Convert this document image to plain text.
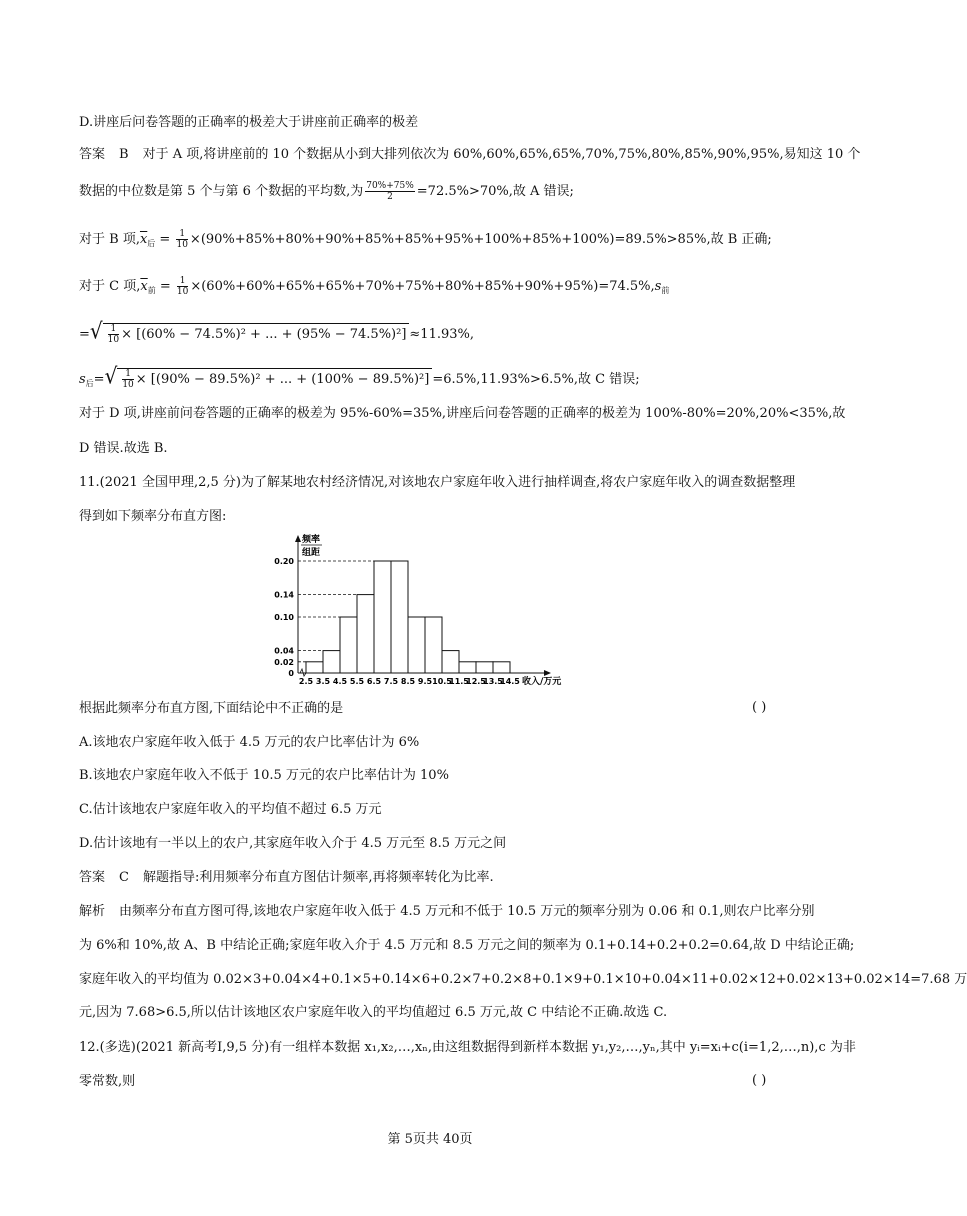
D.讲座后问卷答题的正确率的极差大于讲座前正确率的极差
答案 B 对于 A 项,将讲座前的 10 个数据从小到大排列依次为 60%,60%,65%,65%,70%,75%,80%,85%,90%,95%,易知这 10 个
数据的中位数是第 5 个与第 6 个数据的平均数,为 $\frac{70\%+75\%}{2} =72.5\%>70\%$,故 A 错误;
对于 B 项$,\overline{x}_后 = \frac{1}{10} \times(90\%+85\%+80\%+90\%+85\%+85\%+95\%+100\%+85\%+100\%)=89.5\%>85\%$,故 B 正确;
对于 C 项$,\overline{x}_前 = \frac{1}{10} \times(60\%+60\%+65\%+65\%+70\%+75\%+80\%+85\%+90\%+95\%)=74.5\%,s_前$
=√ $\frac{1}{10} \times [(60\% - 74.5\%)^2$ + ... + (95% − 74.5%)²] ≈11.93%,
$s_后=√ \frac{1}{10} \times [(90\% - 89.5\%)^2$ + ... + (100% − 89.5%)²] =6.5%,11.93%>6.5%,故 C 错误;
对于 D 项,讲座前问卷答题的正确率的极差为 95%-60%=35%,讲座后问卷答题的正确率的极差为 100%-80%=20%,20%<35%,故
D 错误.故选 B.
11.(2021 全国甲理,2,5 分)为了解某地农村经济情况,对该地农户家庭年收入进行抽样调查,将农户家庭年收入的调查数据整理
得到如下频率分布直方图:
频率
组距
0.20
0.14
0.10
0.04
0.02
0
2.5 3.5 4.5 5.5 6.5 7.5 8.5 9.5 10.5
11.5
12.5
13.5
14.5 收入/万元
根据此频率分布直方图,下面结论中不正确的是	( )
A.该地农户家庭年收入低于 4.5 万元的农户比率估计为 6%
B.该地农户家庭年收入不低于 10.5 万元的农户比率估计为 10%
C.估计该地农户家庭年收入的平均值不超过 6.5 万元
D.估计该地有一半以上的农户,其家庭年收入介于 4.5 万元至 8.5 万元之间
答案 C 解题指导:利用频率分布直方图估计频率,再将频率转化为比率.
解析 由频率分布直方图可得,该地农户家庭年收入低于 4.5 万元和不低于 10.5 万元的频率分别为 0.06 和 0.1,则农户比率分别
为 6%和 10%,故 A、B 中结论正确;家庭年收入介于 4.5 万元和 8.5 万元之间的频率为 0.1+0.14+0.2+0.2=0.64,故 D 中结论正确;
家庭年收入的平均值为 0.02×3+0.04×4+0.1×5+0.14×6+0.2×7+0.2×8+0.1×9+0.1×10+0.04×11+0.02×12+0.02×13+0.02×14=7.68 万
元,因为 7.68>6.5,所以估计该地区农户家庭年收入的平均值超过 6.5 万元,故 C 中结论不正确.故选 C.
12.(多选)(2021 新高考Ⅰ,9,5 分)有一组样本数据 x₁,x₂,…,xₙ,由这组数据得到新样本数据 y₁,y₂,…,yₙ,其中 yᵢ=xᵢ+c(i=1,2,…,n),c 为非
零常数,则	( )
第 5页共 40页
